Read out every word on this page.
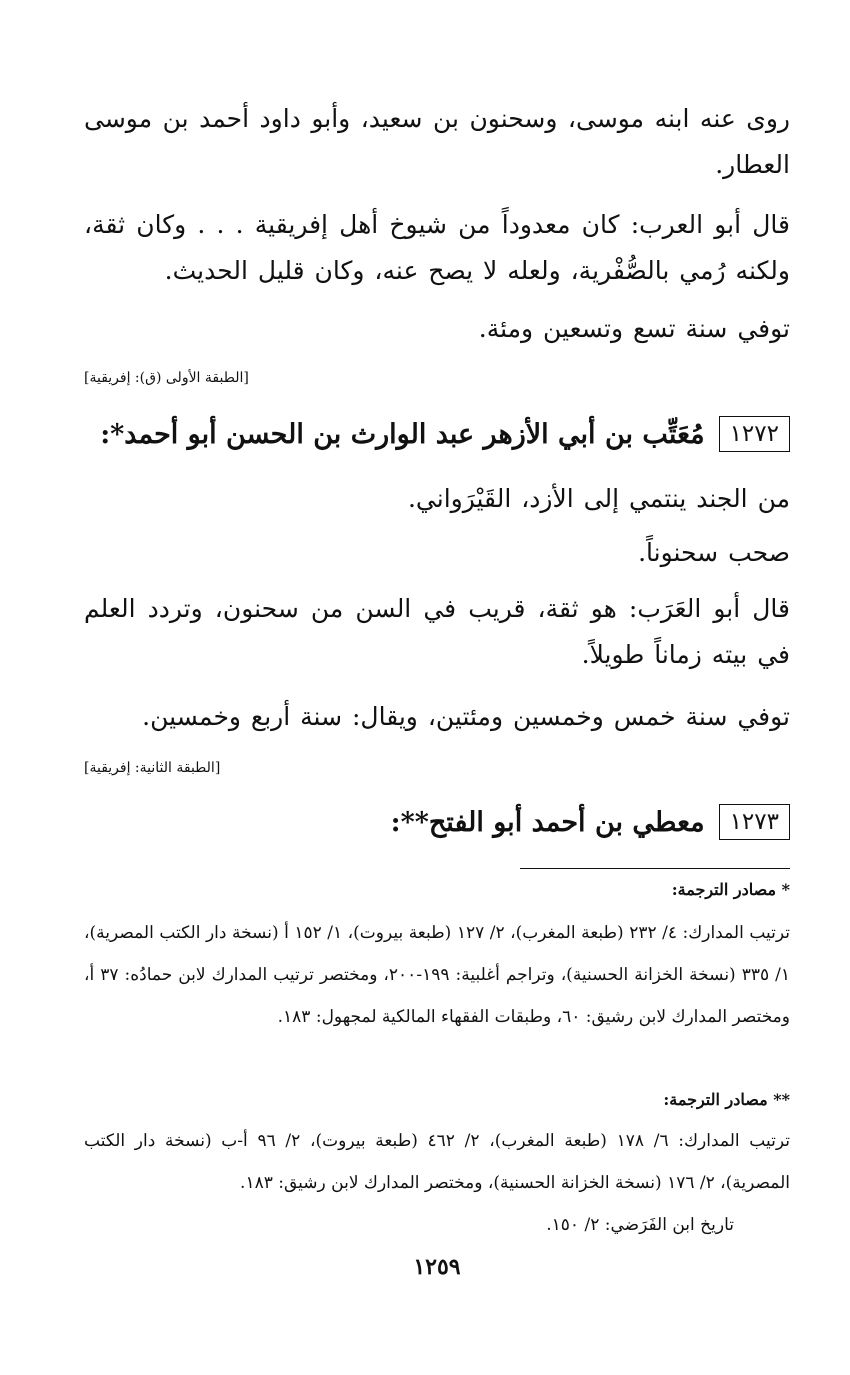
روى عنه ابنه موسى، وسحنون بن سعيد، وأبو داود أحمد بن موسى العطار.
قال أبو العرب: كان معدوداً من شيوخ أهل إفريقية . . . وكان ثقة، ولكنه رُمي بالصُّفْرية، ولعله لا يصح عنه، وكان قليل الحديث.
توفي سنة تسع وتسعين ومئة.
[الطبقة الأولى (ق): إفريقية]
١٢٧٢
مُعَتِّب بن أبي الأزهر عبد الوارث بن الحسن أبو أحمد*:
من الجند ينتمي إلى الأزد، القَيْرَواني.
صحب سحنوناً.
قال أبو العَرَب: هو ثقة، قريب في السن من سحنون، وتردد العلم في بيته زماناً طويلاً.
توفي سنة خمس وخمسين ومئتين، ويقال: سنة أربع وخمسين.
[الطبقة الثانية: إفريقية]
١٢٧٣
معطي بن أحمد أبو الفتح**:
* مصادر الترجمة:
ترتيب المدارك: ٤/ ٢٣٢ (طبعة المغرب)، ٢/ ١٢٧ (طبعة بيروت)، ١/ ١٥٢ أ (نسخة دار الكتب المصرية)، ١/ ٣٣٥ (نسخة الخزانة الحسنية)، وتراجم أغلبية: ١٩٩-٢٠٠، ومختصر ترتيب المدارك لابن حمادُه: ٣٧ أ، ومختصر المدارك لابن رشيق: ٦٠، وطبقات الفقهاء المالكية لمجهول: ١٨٣.
** مصادر الترجمة:
ترتيب المدارك: ٦/ ١٧٨ (طبعة المغرب)، ٢/ ٤٦٢ (طبعة بيروت)، ٢/ ٩٦ أ-ب (نسخة دار الكتب المصرية)، ٢/ ١٧٦ (نسخة الخزانة الحسنية)، ومختصر المدارك لابن رشيق: ١٨٣.
تاريخ ابن الفَرَضي: ٢/ ١٥٠.
١٢٥٩
